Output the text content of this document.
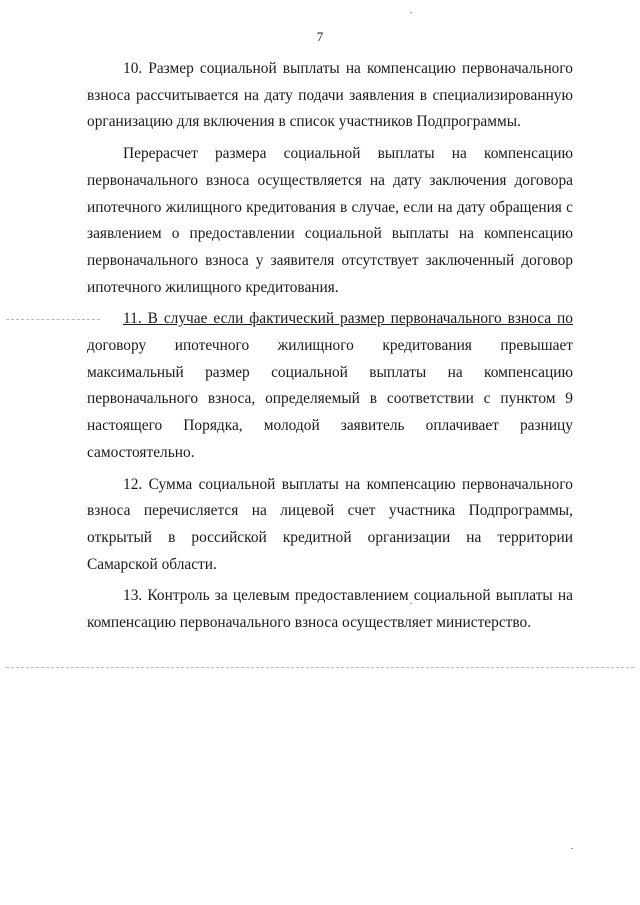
7

10. Размер социальной выплаты на компенсацию первоначального взноса рассчитывается на дату подачи заявления в специализированную организацию для включения в список участников Подпрограммы.

Перерасчет размера социальной выплаты на компенсацию первоначального взноса осуществляется на дату заключения договора ипотечного жилищного кредитования в случае, если на дату обращения с заявлением о предоставлении социальной выплаты на компенсацию первоначального взноса у заявителя отсутствует заключенный договор ипотечного жилищного кредитования.

11. В случае если фактический размер первоначального взноса по договору ипотечного жилищного кредитования превышает максимальный размер социальной выплаты на компенсацию первоначального взноса, определяемый в соответствии с пунктом 9 настоящего Порядка, молодой заявитель оплачивает разницу самостоятельно.

12. Сумма социальной выплаты на компенсацию первоначального взноса перечисляется на лицевой счет участника Подпрограммы, открытый в российской кредитной организации на территории Самарской области.

13. Контроль за целевым предоставлением социальной выплаты на компенсацию первоначального взноса осуществляет министерство.
